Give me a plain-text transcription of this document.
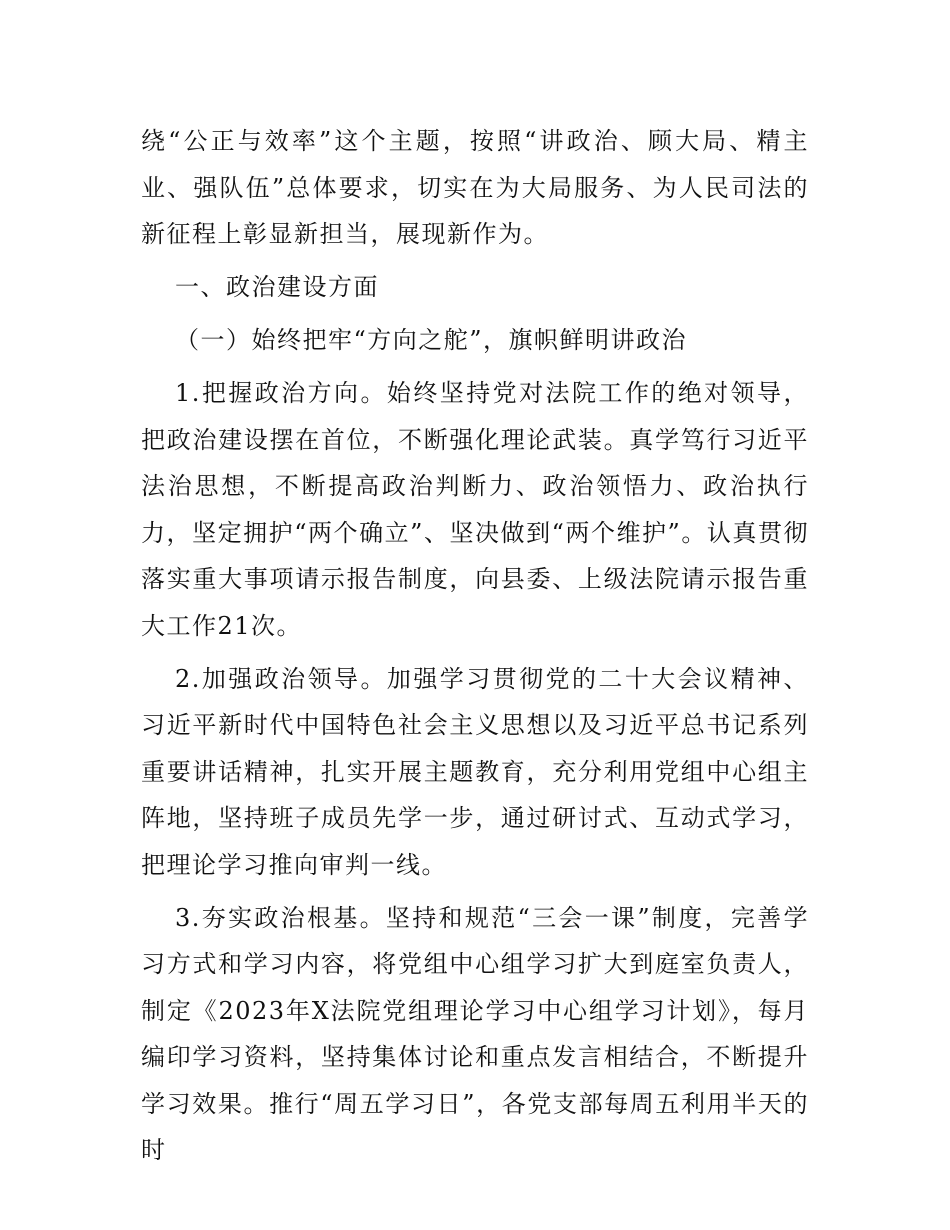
绕“公正与效率”这个主题，按照“讲政治、顾大局、精主业、强队伍”总体要求，切实在为大局服务、为人民司法的新征程上彰显新担当，展现新作为。

一、政治建设方面

（一）始终把牢“方向之舵”，旗帜鲜明讲政治

1.把握政治方向。始终坚持党对法院工作的绝对领导，把政治建设摆在首位，不断强化理论武装。真学笃行习近平法治思想，不断提高政治判断力、政治领悟力、政治执行力，坚定拥护“两个确立”、坚决做到“两个维护”。认真贯彻落实重大事项请示报告制度，向县委、上级法院请示报告重大工作21次。

2.加强政治领导。加强学习贯彻党的二十大会议精神、习近平新时代中国特色社会主义思想以及习近平总书记系列重要讲话精神，扎实开展主题教育，充分利用党组中心组主阵地，坚持班子成员先学一步，通过研讨式、互动式学习，把理论学习推向审判一线。

3.夯实政治根基。坚持和规范“三会一课”制度，完善学习方式和学习内容，将党组中心组学习扩大到庭室负责人，制定《2023年X法院党组理论学习中心组学习计划》，每月编印学习资料，坚持集体讨论和重点发言相结合，不断提升学习效果。推行“周五学习日”，各党支部每周五利用半天的时
